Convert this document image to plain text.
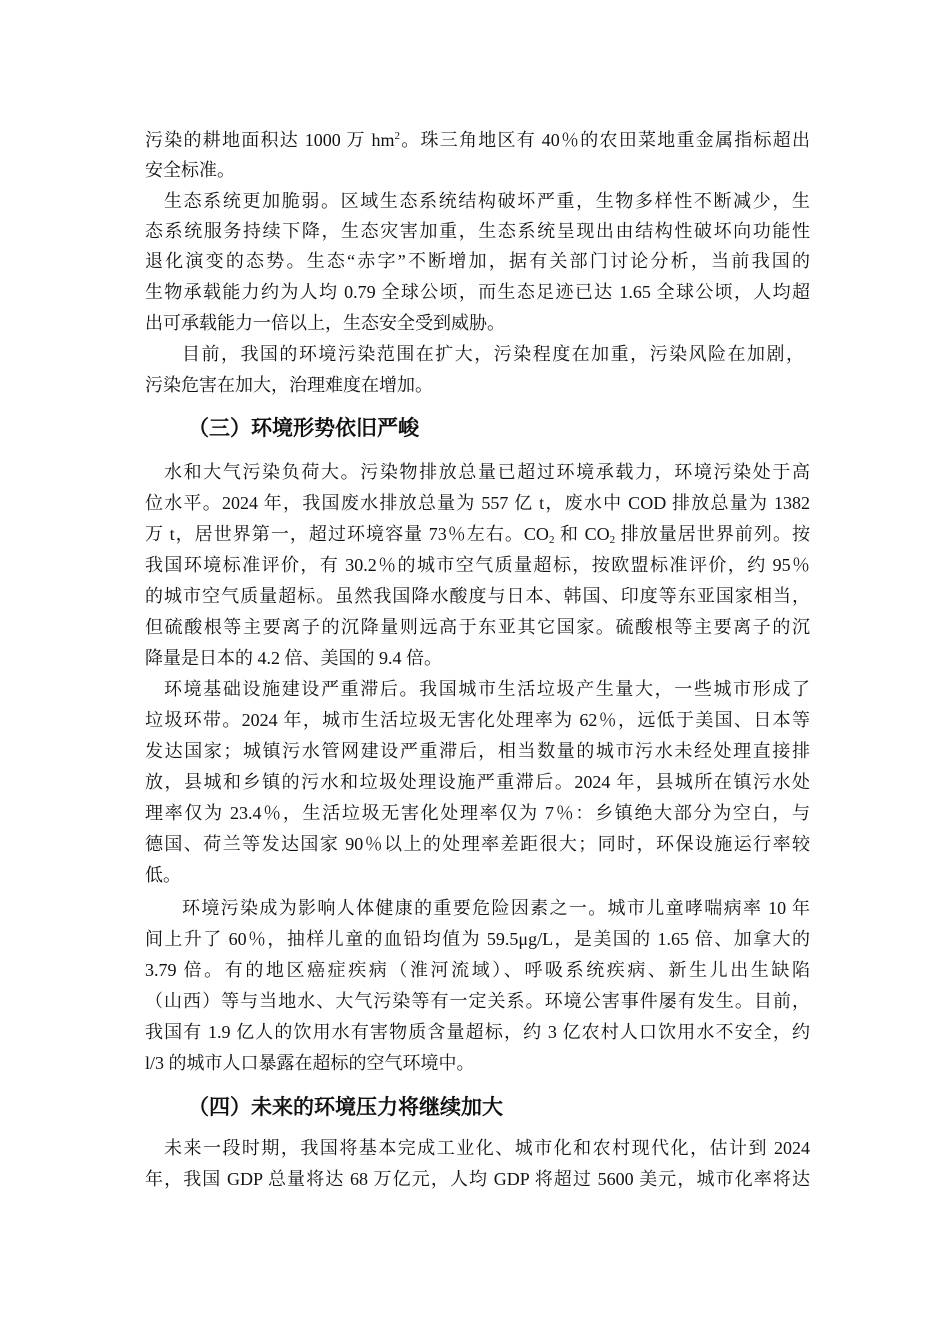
污染的耕地面积达 1000 万 $hm^2$。珠三角地区有 40％的农田菜地重金属指标超出
安全标准。
生态系统更加脆弱。区域生态系统结构破坏严重，生物多样性不断减少，生
态系统服务持续下降，生态灾害加重，生态系统呈现出由结构性破坏向功能性
退化演变的态势。生态“赤字”不断增加，据有关部门讨论分析，当前我国的
生物承载能力约为人均 0.79 全球公顷，而生态足迹已达 1.65 全球公顷，人均超
出可承载能力一倍以上，生态安全受到威胁。
目前，我国的环境污染范围在扩大，污染程度在加重，污染风险在加剧，
污染危害在加大，治理难度在增加。
（三）环境形势依旧严峻
水和大气污染负荷大。污染物排放总量已超过环境承载力，环境污染处于高
位水平。2024 年，我国废水排放总量为 557 亿 t，废水中 COD 排放总量为 1382
万 t，居世界第一，超过环境容量 73％左右。$CO_2$ 和 $CO_2$ 排放量居世界前列。按
我国环境标准评价，有 30.2％的城市空气质量超标，按欧盟标准评价，约 95％
的城市空气质量超标。虽然我国降水酸度与日本、韩国、印度等东亚国家相当，
但硫酸根等主要离子的沉降量则远高于东亚其它国家。硫酸根等主要离子的沉
降量是日本的 4.2 倍、美国的 9.4 倍。
环境基础设施建设严重滞后。我国城市生活垃圾产生量大，一些城市形成了
垃圾环带。2024 年，城市生活垃圾无害化处理率为 62％，远低于美国、日本等
发达国家；城镇污水管网建设严重滞后，相当数量的城市污水未经处理直接排
放，县城和乡镇的污水和垃圾处理设施严重滞后。2024 年，县城所在镇污水处
理率仅为 23.4％，生活垃圾无害化处理率仅为 7％：乡镇绝大部分为空白，与
德国、荷兰等发达国家 90％以上的处理率差距很大；同时，环保设施运行率较
低。
环境污染成为影响人体健康的重要危险因素之一。城市儿童哮喘病率 10 年
间上升了 60％，抽样儿童的血铅均值为 59.5μg/L，是美国的 1.65 倍、加拿大的
3.79 倍。有的地区癌症疾病（淮河流域）、呼吸系统疾病、新生儿出生缺陷
（山西）等与当地水、大气污染等有一定关系。环境公害事件屡有发生。目前，
我国有 1.9 亿人的饮用水有害物质含量超标，约 3 亿农村人口饮用水不安全，约
l/3 的城市人口暴露在超标的空气环境中。
（四）未来的环境压力将继续加大
未来一段时期，我国将基本完成工业化、城市化和农村现代化，估计到 2024
年，我国 GDP 总量将达 68 万亿元，人均 GDP 将超过 5600 美元，城市化率将达
